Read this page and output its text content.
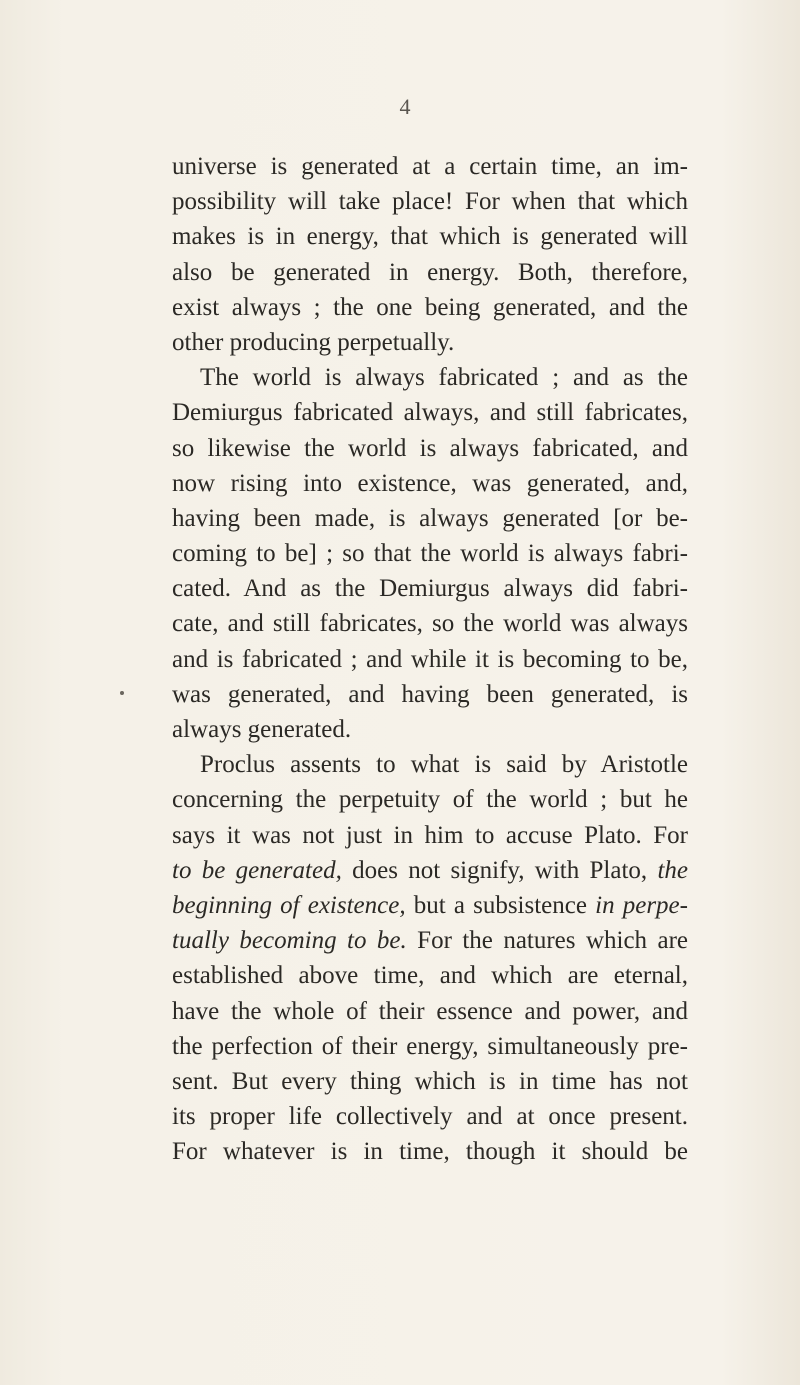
4
universe is generated at a certain time, an im-
possibility will take place! For when that which
makes is in energy, that which is generated will
also be generated in energy. Both, therefore,
exist always ; the one being generated, and the
other producing perpetually.
The world is always fabricated ; and as the
Demiurgus fabricated always, and still fabricates,
so likewise the world is always fabricated, and
now rising into existence, was generated, and,
having been made, is always generated [or be-
coming to be] ; so that the world is always fabri-
cated. And as the Demiurgus always did fabri-
cate, and still fabricates, so the world was always
and is fabricated ; and while it is becoming to be,
was generated, and having been generated, is
always generated.
Proclus assents to what is said by Aristotle
concerning the perpetuity of the world ; but he
says it was not just in him to accuse Plato. For
to be generated, does not signify, with Plato, the
beginning of existence, but a subsistence in perpe-
tually becoming to be. For the natures which are
established above time, and which are eternal,
have the whole of their essence and power, and
the perfection of their energy, simultaneously pre-
sent. But every thing which is in time has not
its proper life collectively and at once present.
For whatever is in time, though it should be
